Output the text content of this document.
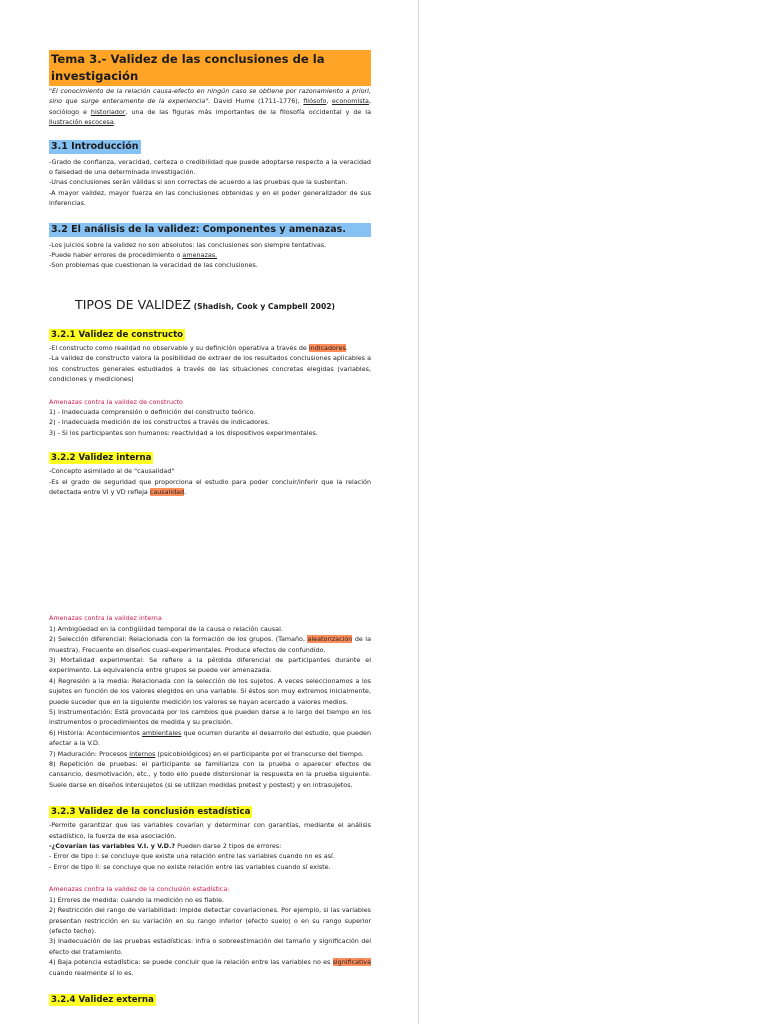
Tema 3.- Validez de las conclusiones de la investigación

"El conocimiento de la relación causa-efecto en ningún caso se obtiene por razonamiento a priori, sino que surge enteramente de la experiencia". David Hume (1711-1776), filósofo, economista, sociólogo e historiador, una de las figuras más importantes de la filosofía occidental y de la Ilustración escocesa.

3.1 Introducción

-Grado de confianza, veracidad, certeza o credibilidad que puede adoptarse respecto a la veracidad o falsedad de una determinada investigación.

-Unas conclusiones serán válidas si son correctas de acuerdo a las pruebas que la sustentan.

-A mayor validez, mayor fuerza en las conclusiones obtenidas y en el poder generalizador de sus inferencias.

3.2 El análisis de la validez: Componentes y amenazas.

-Los juicios sobre la validez no son absolutos: las conclusiones son siempre tentativas.

-Puede haber errores de procedimiento o amenazas.

-Son problemas que cuestionan la veracidad de las conclusiones.

TIPOS DE VALIDEZ (Shadish, Cook y Campbell 2002)
3.2.1 Validez de constructo

-El constructo como realidad no observable y su definición operativa a través de indicadores.

-La validez de constructo valora la posibilidad de extraer de los resultados conclusiones aplicables a los constructos generales estudiados a través de las situaciones concretas elegidas (variables, condiciones y mediciones)

Amenazas contra la validez de constructo

1) - Inadecuada comprensión o definición del constructo teórico.

2) - Inadecuada medición de los constructos a través de indicadores.

3) - Si los participantes son humanos: reactividad a los dispositivos experimentales.

3.2.2 Validez interna

-Concepto asimilado al de "causalidad"

-Es el grado de seguridad que proporciona el estudio para poder concluir/inferir que la relación detectada entre VI y VD refleja causalidad.

Amenazas contra la validez interna

1) Ambigüedad en la contigüidad temporal de la causa o relación causal.

2) Selección diferencial: Relacionada con la formación de los grupos. (Tamaño, aleatorización de la muestra). Frecuente en diseños cuasi-experimentales. Produce efectos de confundido.

3) Mortalidad experimental: Se refiere a la pérdida diferencial de participantes durante el experimento. La equivalencia entre grupos se puede ver amenazada.

4) Regresión a la media: Relacionada con la selección de los sujetos. A veces seleccionamos a los sujetos en función de los valores elegidos en una variable. Si éstos son muy extremos inicialmente, puede suceder que en la siguiente medición los valores se hayan acercado a valores medios.

5) Instrumentación: Está provocada por los cambios que pueden darse a lo largo del tiempo en los instrumentos o procedimientos de medida y su precisión.

6) Historia: Acontecimientos ambientales que ocurren durante el desarrollo del estudio, que pueden afectar a la V.D.

7) Maduración: Procesos internos (psicobiológicos) en el participante por el transcurso del tiempo.

8) Repetición de pruebas: el participante se familiariza con la prueba o aparecer efectos de cansancio, desmotivación, etc., y todo ello puede distorsionar la respuesta en la prueba siguiente. Suele darse en diseños intersujetos (si se utilizan medidas pretest y postest) y en intrasujetos.

3.2.3 Validez de la conclusión estadística

-Permite garantizar que las variables covarían y determinar con garantías, mediante el análisis estadístico, la fuerza de esa asociación.

-¿Covarían las variables V.I. y V.D.? Pueden darse 2 tipos de errores:

- Error de tipo I: se concluye que existe una relación entre las variables cuando no es así.

- Error de tipo II: se concluye que no existe relación entre las variables cuando sí existe.

Amenazas contra la validez de la conclusión estadística:

1) Errores de medida: cuando la medición no es fiable.

2) Restricción del rango de variabilidad: impide detectar covariaciones. Por ejemplo, si las variables presentan restricción en su variación en su rango inferior (efecto suelo) o en su rango superior (efecto techo).

3) Inadecuación de las pruebas estadísticas: infra o sobreestimación del tamaño y significación del efecto del tratamiento.

4) Baja potencia estadística: se puede concluir que la relación entre las variables no es significativa cuando realmente sí lo es.

3.2.4 Validez externa
